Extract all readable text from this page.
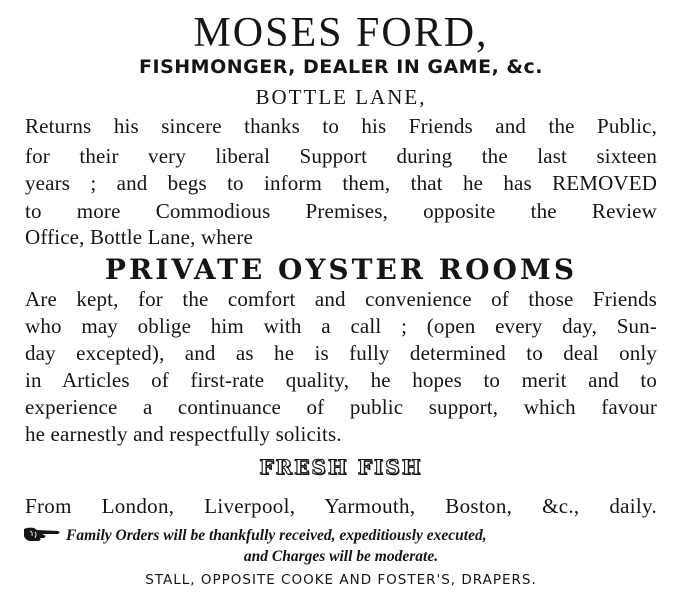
MOSES FORD,
FISHMONGER, DEALER IN GAME, &c.
BOTTLE LANE,
Returns his sincere thanks to his Friends and the Public,
for their very liberal Support during the last sixteen
years ; and begs to inform them, that he has REMOVED
to more Commodious Premises, opposite the Review
Office, Bottle Lane, where
PRIVATE OYSTER ROOMS
Are kept, for the comfort and convenience of those Friends
who may oblige him with a call ; (open every day, Sun-
day excepted), and as he is fully determined to deal only
in Articles of first-rate quality, he hopes to merit and to
experience a continuance of public support, which favour
he earnestly and respectfully solicits.
FRESH FISH
From London, Liverpool, Yarmouth, Boston, &c., daily.
Family Orders will be thankfully received, expeditiously executed,
and Charges will be moderate.
STALL, OPPOSITE COOKE AND FOSTER'S, DRAPERS.
